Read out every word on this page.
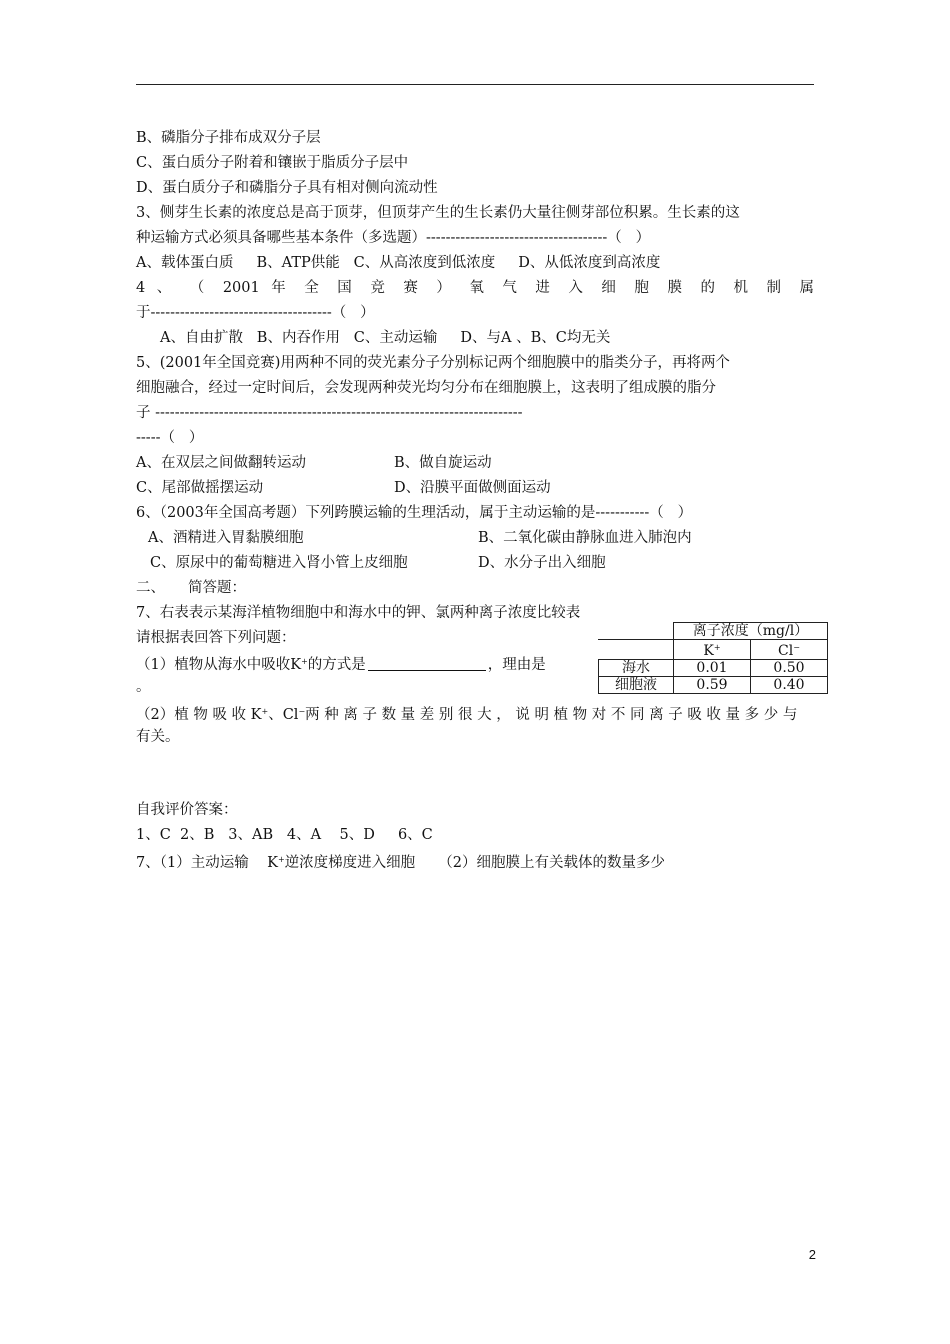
B、磷脂分子排布成双分子层
C、蛋白质分子附着和镶嵌于脂质分子层中
D、蛋白质分子和磷脂分子具有相对侧向流动性
3、侧芽生长素的浓度总是高于顶芽，但顶芽产生的生长素仍大量往侧芽部位积累。生长素的这
种运输方式必须具备哪些基本条件（多选题）-------------------------------------（   ）
A、载体蛋白质     B、ATP供能   C、从高浓度到低浓度     D、从低浓度到高浓度
4 、 （ 2001 年 全 国 竞 赛 ） 氧 气 进 入 细 胞 膜 的 机 制 属
于-------------------------------------（   ）
A、自由扩散   B、内吞作用   C、主动运输     D、与A 、B、C均无关
5、(2001年全国竞赛)用两种不同的荧光素分子分别标记两个细胞膜中的脂类分子，再将两个
细胞融合，经过一定时间后，会发现两种荧光均匀分布在细胞膜上，这表明了组成膜的脂分
子 ---------------------------------------------------------------------------
-----（   ）
A、在双层之间做翻转运动	B、做自旋运动
C、尾部做摇摆运动	D、沿膜平面做侧面运动
6、（2003年全国高考题）下列跨膜运输的生理活动，属于主动运输的是-----------（   ）
A、酒精进入胃黏膜细胞	B、二氧化碳由静脉血进入肺泡内
C、原尿中的葡萄糖进入肾小管上皮细胞	D、水分子出入细胞
二、     简答题：
7、右表表示某海洋植物细胞中和海水中的钾、氯两种离子浓度比较表
请根据表回答下列问题：
（1）植物从海水中吸收K+的方式是	，理由是
。
	离子浓度（mg/l）	
	K+	Cl−
海水	0.01	0.50
细胞液	0.59	0.40
（2）植 物 吸 收 K+、Cl−两 种 离 子 数 量 差 别 很 大 ， 说 明 植 物 对 不 同 离 子 吸 收 量 多 少 与
有关。
自我评价答案：
1、C  2、B   3、AB   4、A    5、D     6、C
7、（1）主动运输    K+逆浓度梯度进入细胞     （2）细胞膜上有关载体的数量多少
2
